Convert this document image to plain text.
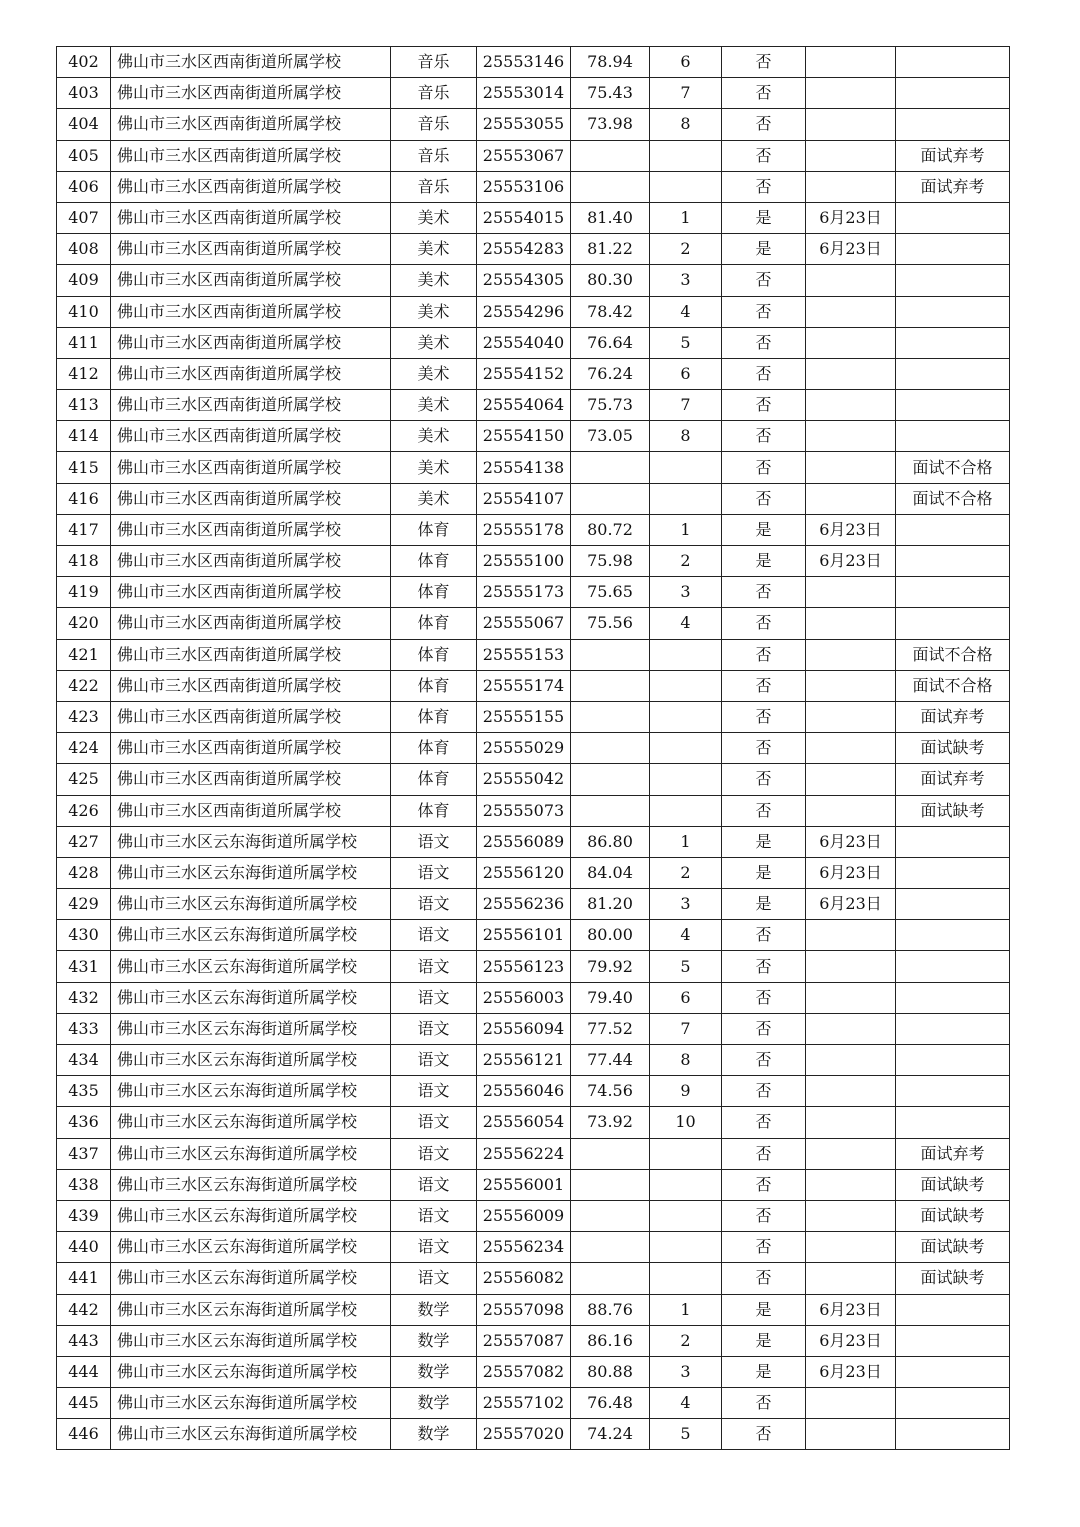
402	佛山市三水区西南街道所属学校	音乐	25553146	78.94	6	否		
403	佛山市三水区西南街道所属学校	音乐	25553014	75.43	7	否		
404	佛山市三水区西南街道所属学校	音乐	25553055	73.98	8	否		
405	佛山市三水区西南街道所属学校	音乐	25553067			否		面试弃考
406	佛山市三水区西南街道所属学校	音乐	25553106			否		面试弃考
407	佛山市三水区西南街道所属学校	美术	25554015	81.40	1	是	6月23日	
408	佛山市三水区西南街道所属学校	美术	25554283	81.22	2	是	6月23日	
409	佛山市三水区西南街道所属学校	美术	25554305	80.30	3	否		
410	佛山市三水区西南街道所属学校	美术	25554296	78.42	4	否		
411	佛山市三水区西南街道所属学校	美术	25554040	76.64	5	否		
412	佛山市三水区西南街道所属学校	美术	25554152	76.24	6	否		
413	佛山市三水区西南街道所属学校	美术	25554064	75.73	7	否		
414	佛山市三水区西南街道所属学校	美术	25554150	73.05	8	否		
415	佛山市三水区西南街道所属学校	美术	25554138			否		面试不合格
416	佛山市三水区西南街道所属学校	美术	25554107			否		面试不合格
417	佛山市三水区西南街道所属学校	体育	25555178	80.72	1	是	6月23日	
418	佛山市三水区西南街道所属学校	体育	25555100	75.98	2	是	6月23日	
419	佛山市三水区西南街道所属学校	体育	25555173	75.65	3	否		
420	佛山市三水区西南街道所属学校	体育	25555067	75.56	4	否		
421	佛山市三水区西南街道所属学校	体育	25555153			否		面试不合格
422	佛山市三水区西南街道所属学校	体育	25555174			否		面试不合格
423	佛山市三水区西南街道所属学校	体育	25555155			否		面试弃考
424	佛山市三水区西南街道所属学校	体育	25555029			否		面试缺考
425	佛山市三水区西南街道所属学校	体育	25555042			否		面试弃考
426	佛山市三水区西南街道所属学校	体育	25555073			否		面试缺考
427	佛山市三水区云东海街道所属学校	语文	25556089	86.80	1	是	6月23日	
428	佛山市三水区云东海街道所属学校	语文	25556120	84.04	2	是	6月23日	
429	佛山市三水区云东海街道所属学校	语文	25556236	81.20	3	是	6月23日	
430	佛山市三水区云东海街道所属学校	语文	25556101	80.00	4	否		
431	佛山市三水区云东海街道所属学校	语文	25556123	79.92	5	否		
432	佛山市三水区云东海街道所属学校	语文	25556003	79.40	6	否		
433	佛山市三水区云东海街道所属学校	语文	25556094	77.52	7	否		
434	佛山市三水区云东海街道所属学校	语文	25556121	77.44	8	否		
435	佛山市三水区云东海街道所属学校	语文	25556046	74.56	9	否		
436	佛山市三水区云东海街道所属学校	语文	25556054	73.92	10	否		
437	佛山市三水区云东海街道所属学校	语文	25556224			否		面试弃考
438	佛山市三水区云东海街道所属学校	语文	25556001			否		面试缺考
439	佛山市三水区云东海街道所属学校	语文	25556009			否		面试缺考
440	佛山市三水区云东海街道所属学校	语文	25556234			否		面试缺考
441	佛山市三水区云东海街道所属学校	语文	25556082			否		面试缺考
442	佛山市三水区云东海街道所属学校	数学	25557098	88.76	1	是	6月23日	
443	佛山市三水区云东海街道所属学校	数学	25557087	86.16	2	是	6月23日	
444	佛山市三水区云东海街道所属学校	数学	25557082	80.88	3	是	6月23日	
445	佛山市三水区云东海街道所属学校	数学	25557102	76.48	4	否		
446	佛山市三水区云东海街道所属学校	数学	25557020	74.24	5	否		
